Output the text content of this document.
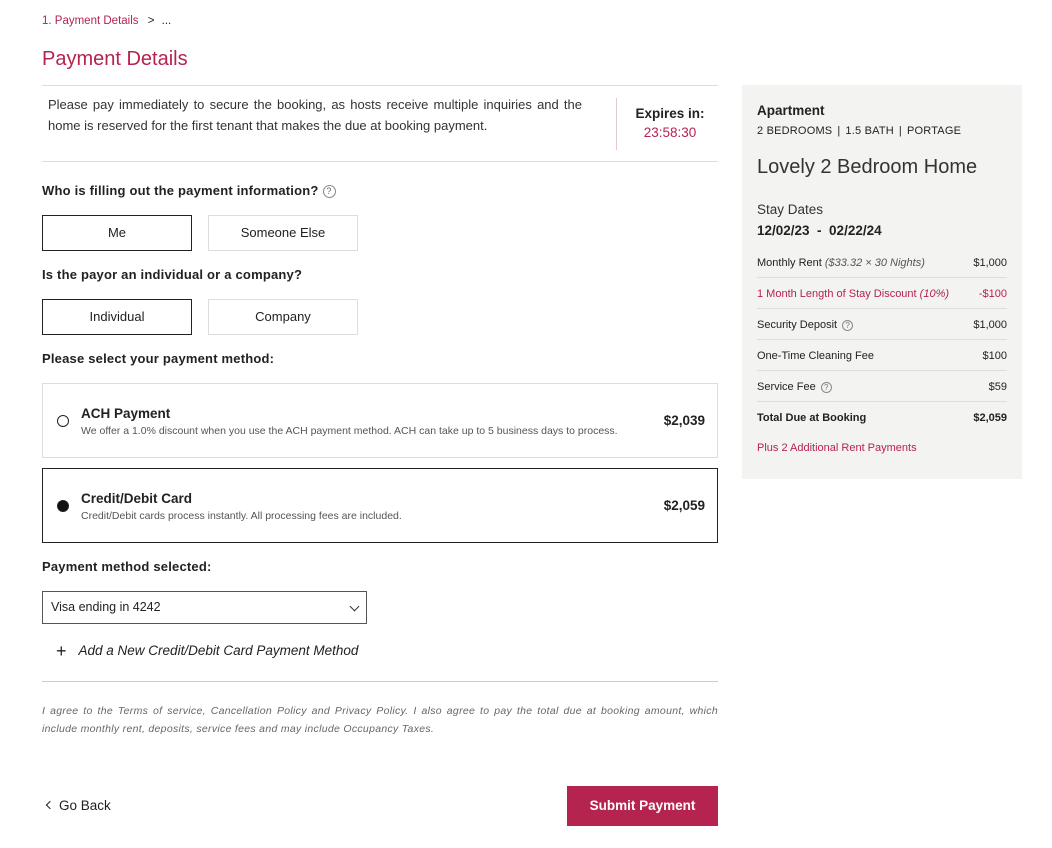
1. Payment Details > ...
Payment Details

Please pay immediately to secure the booking, as hosts receive multiple inquiries and the home is reserved for the first tenant that makes the due at booking payment.

Expires in:
23:58:30
Who is filling out the payment information? ?
Me	Someone Else
Is the payor an individual or a company?
Individual	Company
Please select your payment method:
ACH Payment
We offer a 1.0% discount when you use the ACH payment method. ACH can take up to 5 business days to process.
$2,039
Credit/Debit Card
Credit/Debit cards process instantly. All processing fees are included.
$2,059
Payment method selected:
Visa ending in 4242
+ Add a New Credit/Debit Card Payment Method

I agree to the Terms of service, Cancellation Policy and Privacy Policy. I also agree to pay the total due at booking amount, which include monthly rent, deposits, service fees and may include Occupancy Taxes.

Go Back	Submit Payment
Apartment
2 BEDROOMS | 1.5 BATH | PORTAGE
Lovely 2 Bedroom Home
Stay Dates
12/02/23  -  02/22/24
Monthly Rent ($33.32 × 30 Nights)	$1,000
1 Month Length of Stay Discount (10%)	-$100
Security Deposit ?	$1,000
One-Time Cleaning Fee	$100
Service Fee ?	$59
Total Due at Booking	$2,059
Plus 2 Additional Rent Payments
